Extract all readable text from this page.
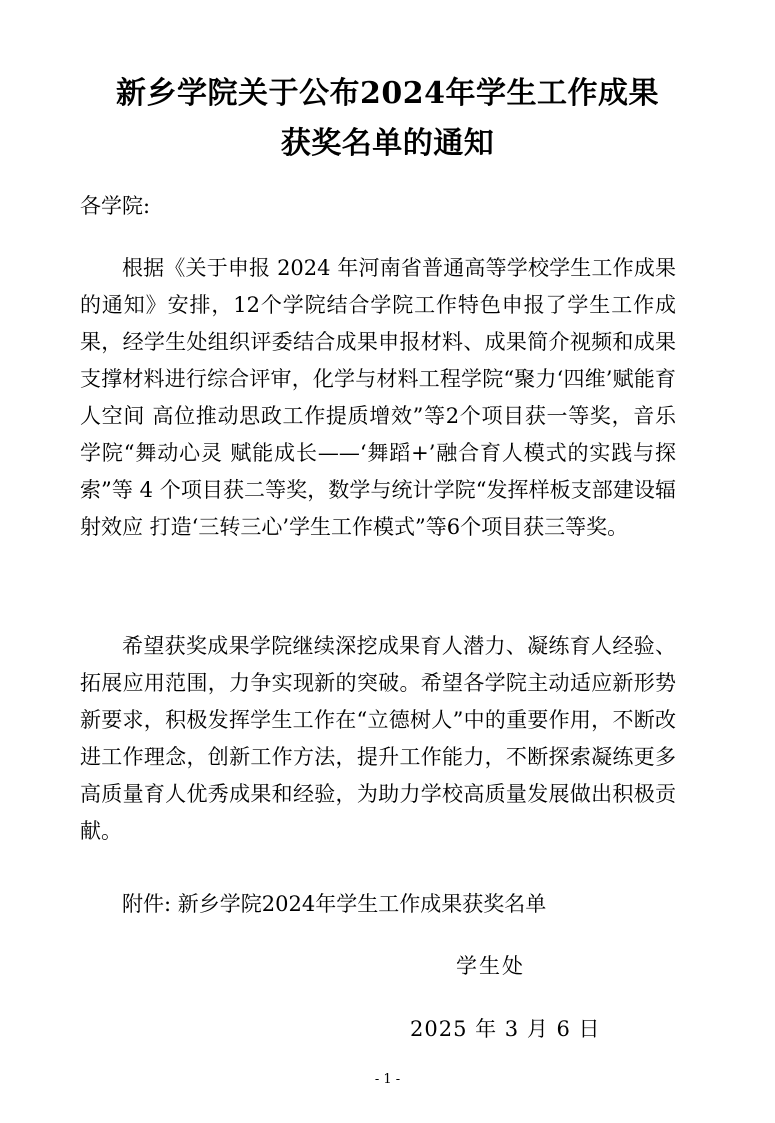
新乡学院关于公布2024年学生工作成果
获奖名单的通知

各学院:

根据《关于申报 2024 年河南省普通高等学校学生工作成果的通知》安排，12个学院结合学院工作特色申报了学生工作成果，经学生处组织评委结合成果申报材料、成果简介视频和成果支撑材料进行综合评审，化学与材料工程学院“聚力‘四维’赋能育人空间 高位推动思政工作提质增效”等2个项目获一等奖，音乐学院“舞动心灵 赋能成长——‘舞蹈+’融合育人模式的实践与探索”等 4 个项目获二等奖，数学与统计学院“发挥样板支部建设辐射效应 打造‘三转三心’学生工作模式”等6个项目获三等奖。

希望获奖成果学院继续深挖成果育人潜力、凝练育人经验、拓展应用范围，力争实现新的突破。希望各学院主动适应新形势新要求，积极发挥学生工作在“立德树人”中的重要作用，不断改进工作理念，创新工作方法，提升工作能力，不断探索凝练更多高质量育人优秀成果和经验，为助力学校高质量发展做出积极贡献。

附件: 新乡学院2024年学生工作成果获奖名单

学生处

2025 年 3 月 6 日

- 1 -
